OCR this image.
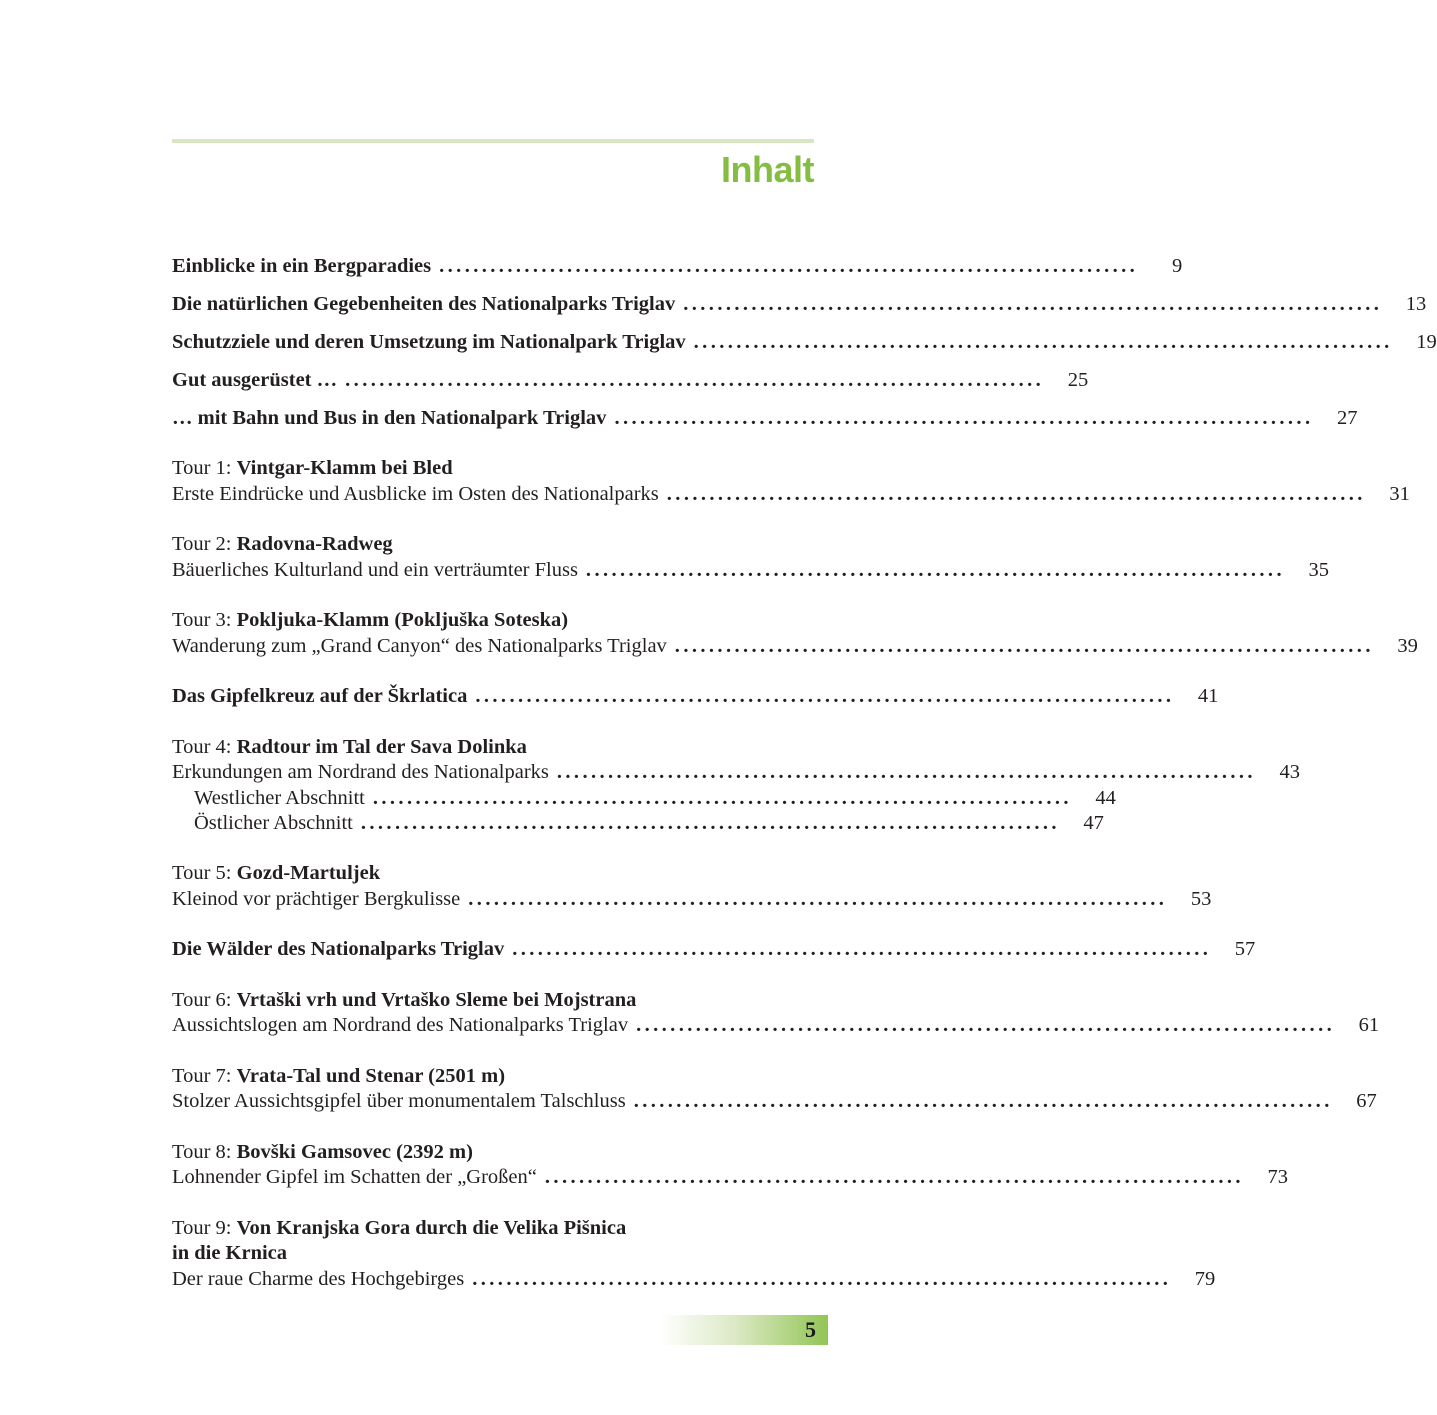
Inhalt
Einblicke in ein Bergparadies ..................................................................................	9
Die natürlichen Gegebenheiten des Nationalparks Triglav ..................................................................................	13
Schutzziele und deren Umsetzung im Nationalpark Triglav ..................................................................................	19
Gut ausgerüstet … ..................................................................................	25
… mit Bahn und Bus in den Nationalpark Triglav ..................................................................................	27
Tour 1: Vintgar-Klamm bei Bled
Erste Eindrücke und Ausblicke im Osten des Nationalparks ..................................................................................	31
Tour 2: Radovna-Radweg
Bäuerliches Kulturland und ein verträumter Fluss ..................................................................................	35
Tour 3: Pokljuka-Klamm (Pokljuška Soteska)
Wanderung zum „Grand Canyon“ des Nationalparks Triglav ..................................................................................	39
Das Gipfelkreuz auf der Škrlatica ..................................................................................	41
Tour 4: Radtour im Tal der Sava Dolinka
Erkundungen am Nordrand des Nationalparks ..................................................................................	43
Westlicher Abschnitt ..................................................................................	44
Östlicher Abschnitt ..................................................................................	47
Tour 5: Gozd-Martuljek
Kleinod vor prächtiger Bergkulisse ..................................................................................	53
Die Wälder des Nationalparks Triglav ..................................................................................	57
Tour 6: Vrtaški vrh und Vrtaško Sleme bei Mojstrana
Aussichtslogen am Nordrand des Nationalparks Triglav ..................................................................................	61
Tour 7: Vrata-Tal und Stenar (2501 m)
Stolzer Aussichtsgipfel über monumentalem Talschluss ..................................................................................	67
Tour 8: Bovški Gamsovec (2392 m)
Lohnender Gipfel im Schatten der „Großen“ ..................................................................................	73
Tour 9: Von Kranjska Gora durch die Velika Pišnica
in die Krnica
Der raue Charme des Hochgebirges ..................................................................................	79
5
